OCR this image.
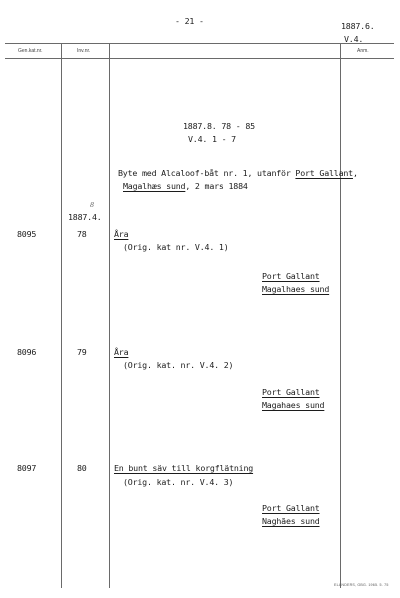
- 21 -	1887.6.
V.4.
Gen.kat.nr.	Inv.nr.	Anm.
1887.8. 78 - 85
V.4. 1 - 7
Byte med Alcaloof-båt nr. 1, utanför Port Gallant,
Magalhæs sund, 2 mars 1884
8
1887.4.
8095	78	Åra
(Orig. kat nr. V.4. 1)
Port Gallant
Magalhaes sund
8096	79	Åra
(Orig. kat. nr. V.4. 2)
Port Gallant
Magahaes sund
8097	80	En bunt säv till korgflätning
(Orig. kat. nr. V.4. 3)
Port Gallant
Naghães sund
ELANDERS, GBG. 1965. 5. 75
